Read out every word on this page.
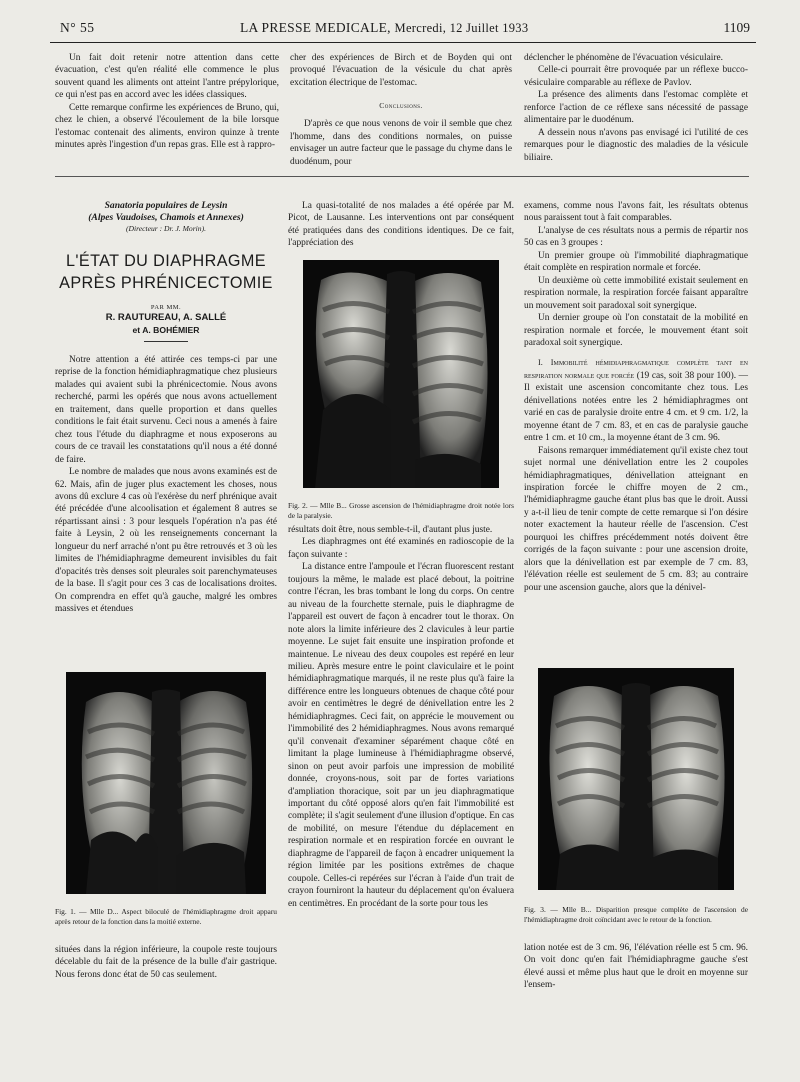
N° 55	LA PRESSE MEDICALE, Mercredi, 12 Juillet 1933	1109

Un fait doit retenir notre attention dans cette évacuation, c'est qu'en réalité elle commence le plus souvent quand les aliments ont atteint l'antre prépylorique, ce qui n'est pas en accord avec les idées classiques.

Cette remarque confirme les expériences de Bruno, qui, chez le chien, a observé l'écoulement de la bile lorsque l'estomac contenait des aliments, environ quinze à trente minutes après l'ingestion d'un repas gras. Elle est à rappro-

cher des expériences de Birch et de Boyden qui ont provoqué l'évacuation de la vésicule du chat après excitation électrique de l'estomac.

Conclusions.

D'après ce que nous venons de voir il semble que chez l'homme, dans des conditions normales, on puisse envisager un autre facteur que le passage du chyme dans le duodénum, pour

déclencher le phénomène de l'évacuation vésiculaire.

Celle-ci pourrait être provoquée par un réflexe bucco-vésiculaire comparable au réflexe de Pavlov.

La présence des aliments dans l'estomac complète et renforce l'action de ce réflexe sans nécessité de passage alimentaire par le duodénum.

A dessein nous n'avons pas envisagé ici l'utilité de ces remarques pour le diagnostic des maladies de la vésicule biliaire.

Sanatoria populaires de Leysin
(Alpes Vaudoises, Chamois et Annexes)
(Directeur : Dr. J. Morin).
L'ÉTAT DU DIAPHRAGME
APRÈS PHRÉNICECTOMIE
PAR MM.
R. RAUTUREAU, A. SALLÉ
et A. BOHÉMIER

Notre attention a été attirée ces temps-ci par une reprise de la fonction hémidiaphragmatique chez plusieurs malades qui avaient subi la phrénicectomie. Nous avons recherché, parmi les opérés que nous avons actuellement en traitement, dans quelle proportion et dans quelles conditions le fait était survenu. Ceci nous a amenés à faire chez tous l'étude du diaphragme et nous exposerons au cours de ce travail les constatations qu'il nous a été donné de faire.

Le nombre de malades que nous avons examinés est de 62. Mais, afin de juger plus exactement les choses, nous avons dû exclure 4 cas où l'exérèse du nerf phrénique avait été précédée d'une alcoolisation et également 8 autres se répartissant ainsi : 3 pour lesquels l'opération n'a pas été faite à Leysin, 2 où les renseignements concernant la longueur du nerf arraché n'ont pu être retrouvés et 3 où les limites de l'hémidiaphragme demeurent invisibles du fait d'opacités très denses soit pleurales soit parenchymateuses de la base. Il s'agit pour ces 3 cas de localisations droites. On comprendra en effet qu'à gauche, malgré les ombres massives et étendues

Fig. 1. — Mlle D... Aspect biloculé de l'hémidiaphragme droit apparu après retour de la fonction dans la moitié externe.

situées dans la région inférieure, la coupole reste toujours décelable du fait de la présence de la bulle d'air gastrique. Nous ferons donc état de 50 cas seulement.

La quasi-totalité de nos malades a été opérée par M. Picot, de Lausanne. Les interventions ont par conséquent été pratiquées dans des conditions identiques. De ce fait, l'appréciation des

Fig. 2. — Mlle B... Grosse ascension de l'hémidiaphragme droit notée lors de la paralysie.

résultats doit être, nous semble-t-il, d'autant plus juste.

Les diaphragmes ont été examinés en radioscopie de la façon suivante :

La distance entre l'ampoule et l'écran fluorescent restant toujours la même, le malade est placé debout, la poitrine contre l'écran, les bras tombant le long du corps. On centre au niveau de la fourchette sternale, puis le diaphragme de l'appareil est ouvert de façon à encadrer tout le thorax. On note alors la limite inférieure des 2 clavicules à leur partie moyenne. Le sujet fait ensuite une inspiration profonde et maintenue. Le niveau des deux coupoles est repéré en leur milieu. Après mesure entre le point claviculaire et le point hémidiaphragmatique marqués, il ne reste plus qu'à faire la différence entre les longueurs obtenues de chaque côté pour avoir en centimètres le degré de dénivellation entre les 2 hémidiaphragmes. Ceci fait, on apprécie le mouvement ou l'immobilité des 2 hémidiaphragmes. Nous avons remarqué qu'il convenait d'examiner séparément chaque côté en limitant la plage lumineuse à l'hémidiaphragme observé, sinon on peut avoir parfois une impression de mobilité donnée, croyons-nous, soit par de fortes variations d'ampliation thoracique, soit par un jeu diaphragmatique important du côté opposé alors qu'en fait l'immobilité est complète; il s'agit seulement d'une illusion d'optique. En cas de mobilité, on mesure l'étendue du déplacement en respiration normale et en respiration forcée en ouvrant le diaphragme de l'appareil de façon à encadrer uniquement la région limitée par les positions extrêmes de chaque coupole. Celles-ci repérées sur l'écran à l'aide d'un trait de crayon fourniront la hauteur du déplacement qu'on évaluera en centimètres. En procédant de la sorte pour tous les

examens, comme nous l'avons fait, les résultats obtenus nous paraissent tout à fait comparables.

L'analyse de ces résultats nous a permis de répartir nos 50 cas en 3 groupes :

Un premier groupe où l'immobilité diaphragmatique était complète en respiration normale et forcée.

Un deuxième où cette immobilité existait seulement en respiration normale, la respiration forcée faisant apparaître un mouvement soit paradoxal soit synergique.

Un dernier groupe où l'on constatait de la mobilité en respiration normale et forcée, le mouvement étant soit paradoxal soit synergique.

I. Immobilité hémidiaphragmatique complète tant en respiration normale que forcée (19 cas, soit 38 pour 100). — Il existait une ascension concomitante chez tous. Les dénivellations notées entre les 2 hémidiaphragmes ont varié en cas de paralysie droite entre 4 cm. et 9 cm. 1/2, la moyenne étant de 7 cm. 83, et en cas de paralysie gauche entre 1 cm. et 10 cm., la moyenne étant de 3 cm. 96.

Faisons remarquer immédiatement qu'il existe chez tout sujet normal une dénivellation entre les 2 coupoles hémidiaphragmatiques, dénivellation atteignant en inspiration forcée le chiffre moyen de 2 cm., l'hémidiaphragme gauche étant plus bas que le droit. Aussi y a-t-il lieu de tenir compte de cette remarque si l'on désire noter exactement la hauteur réelle de l'ascension. C'est pourquoi les chiffres précédemment notés doivent être corrigés de la façon suivante : pour une ascension droite, alors que la dénivellation est par exemple de 7 cm. 83, l'élévation réelle est seulement de 5 cm. 83; au contraire pour une ascension gauche, alors que la dénivel-

Fig. 3. — Mlle B... Disparition presque complète de l'ascension de l'hémidiaphragme droit coïncidant avec le retour de la fonction.

lation notée est de 3 cm. 96, l'élévation réelle est 5 cm. 96. On voit donc qu'en fait l'hémidiaphragme gauche s'est élevé aussi et même plus haut que le droit en moyenne sur l'ensem-
